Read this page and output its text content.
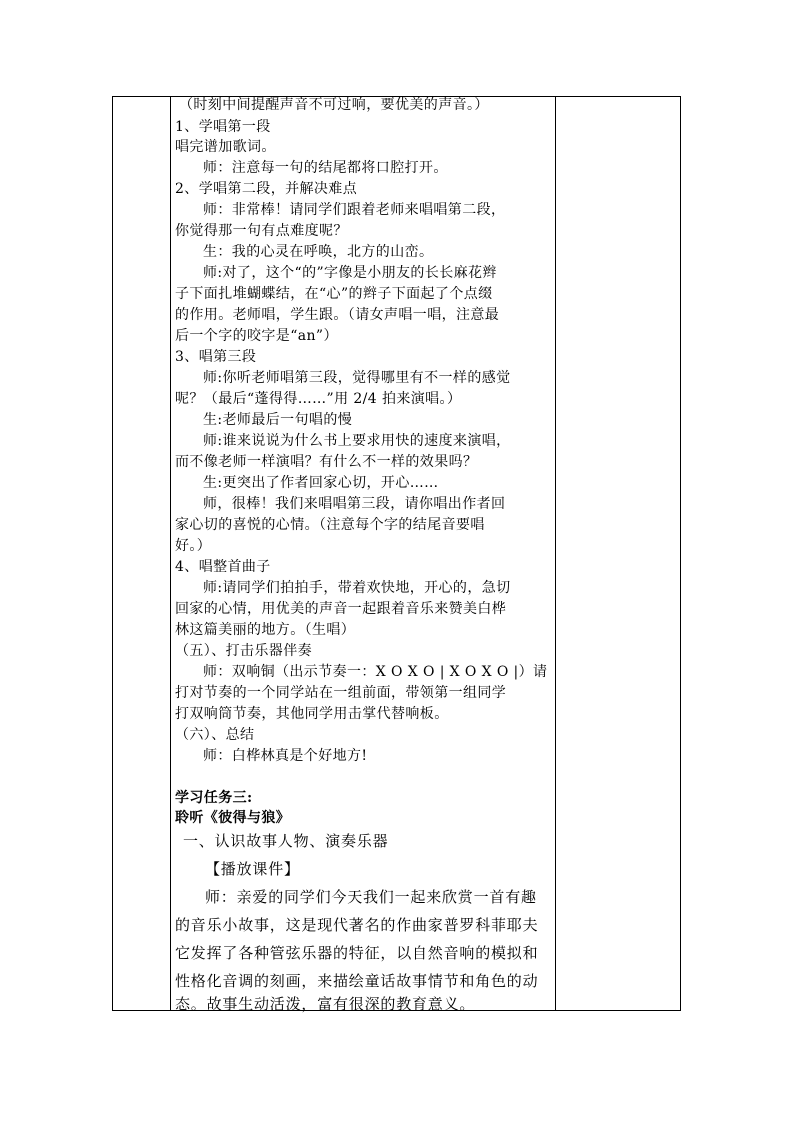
（时刻中间提醒声音不可过响，要优美的声音。）
1、学唱第一段
唱完谱加歌词。
师：注意每一句的结尾都将口腔打开。
2、学唱第二段，并解决难点
师：非常棒！请同学们跟着老师来唱唱第二段，
你觉得那一句有点难度呢？
生：我的心灵在呼唤，北方的山峦。
师:对了，这个“的”字像是小朋友的长长麻花辫
子下面扎堆蝴蝶结，在“心”的辫子下面起了个点缀
的作用。老师唱，学生跟。（请女声唱一唱，注意最
后一个字的咬字是“an”）
3、唱第三段
师:你听老师唱第三段，觉得哪里有不一样的感觉
呢？（最后“蓬得得……”用 2/4 拍来演唱。）
生:老师最后一句唱的慢
师:谁来说说为什么书上要求用快的速度来演唱，
而不像老师一样演唱？有什么不一样的效果吗？
生:更突出了作者回家心切，开心……
师，很棒！我们来唱唱第三段，请你唱出作者回
家心切的喜悦的心情。（注意每个字的结尾音要唱
好。）
4、唱整首曲子
师:请同学们拍拍手，带着欢快地，开心的，急切
回家的心情，用优美的声音一起跟着音乐来赞美白桦
林这篇美丽的地方。（生唱）
（五）、打击乐器伴奏
师：双响铜（出示节奏一：X O X O | X O X O |）请
打对节奏的一个同学站在一组前面，带领第一组同学
打双响筒节奏，其他同学用击掌代替响板。
（六）、总结
师：白桦林真是个好地方!
学习任务三:
聆听《彼得与狼》
一、认识故事人物、演奏乐器
【播放课件】
师：亲爱的同学们今天我们一起来欣赏一首有趣
的音乐小故事，这是现代著名的作曲家普罗科菲耶夫
它发挥了各种管弦乐器的特征，以自然音响的模拟和
性格化音调的刻画，来描绘童话故事情节和角色的动
态。故事生动活泼，富有很深的教育意义。
